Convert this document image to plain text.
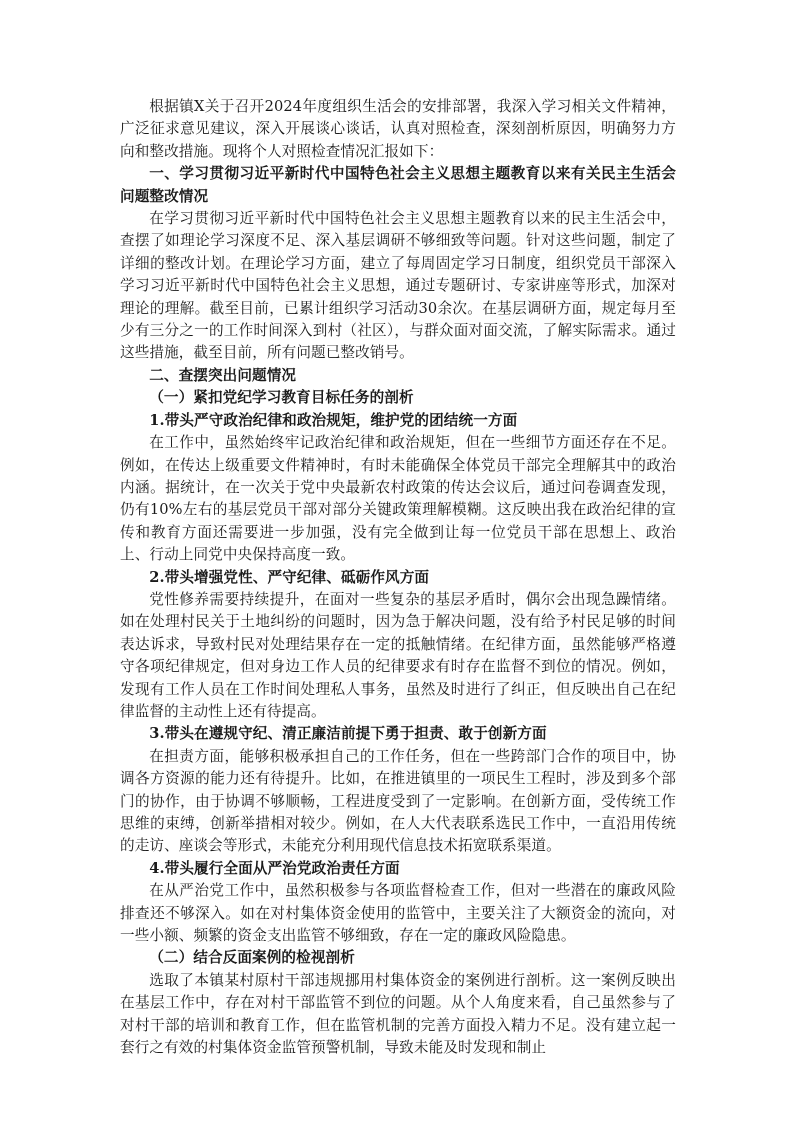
根据镇X关于召开2024年度组织生活会的安排部署，我深入学习相关文件精神，广泛征求意见建议，深入开展谈心谈话，认真对照检查，深刻剖析原因，明确努力方向和整改措施。现将个人对照检查情况汇报如下：

一、学习贯彻习近平新时代中国特色社会主义思想主题教育以来有关民主生活会问题整改情况

在学习贯彻习近平新时代中国特色社会主义思想主题教育以来的民主生活会中，查摆了如理论学习深度不足、深入基层调研不够细致等问题。针对这些问题，制定了详细的整改计划。在理论学习方面，建立了每周固定学习日制度，组织党员干部深入学习习近平新时代中国特色社会主义思想，通过专题研讨、专家讲座等形式，加深对理论的理解。截至目前，已累计组织学习活动30余次。在基层调研方面，规定每月至少有三分之一的工作时间深入到村（社区），与群众面对面交流，了解实际需求。通过这些措施，截至目前，所有问题已整改销号。

二、查摆突出问题情况

（一）紧扣党纪学习教育目标任务的剖析

1.带头严守政治纪律和政治规矩，维护党的团结统一方面

在工作中，虽然始终牢记政治纪律和政治规矩，但在一些细节方面还存在不足。例如，在传达上级重要文件精神时，有时未能确保全体党员干部完全理解其中的政治内涵。据统计，在一次关于党中央最新农村政策的传达会议后，通过问卷调查发现，仍有10%左右的基层党员干部对部分关键政策理解模糊。这反映出我在政治纪律的宣传和教育方面还需要进一步加强，没有完全做到让每一位党员干部在思想上、政治上、行动上同党中央保持高度一致。

2.带头增强党性、严守纪律、砥砺作风方面

党性修养需要持续提升，在面对一些复杂的基层矛盾时，偶尔会出现急躁情绪。如在处理村民关于土地纠纷的问题时，因为急于解决问题，没有给予村民足够的时间表达诉求，导致村民对处理结果存在一定的抵触情绪。在纪律方面，虽然能够严格遵守各项纪律规定，但对身边工作人员的纪律要求有时存在监督不到位的情况。例如，发现有工作人员在工作时间处理私人事务，虽然及时进行了纠正，但反映出自己在纪律监督的主动性上还有待提高。

3.带头在遵规守纪、清正廉洁前提下勇于担责、敢于创新方面

在担责方面，能够积极承担自己的工作任务，但在一些跨部门合作的项目中，协调各方资源的能力还有待提升。比如，在推进镇里的一项民生工程时，涉及到多个部门的协作，由于协调不够顺畅，工程进度受到了一定影响。在创新方面，受传统工作思维的束缚，创新举措相对较少。例如，在人大代表联系选民工作中，一直沿用传统的走访、座谈会等形式，未能充分利用现代信息技术拓宽联系渠道。

4.带头履行全面从严治党政治责任方面

在从严治党工作中，虽然积极参与各项监督检查工作，但对一些潜在的廉政风险排查还不够深入。如在对村集体资金使用的监管中，主要关注了大额资金的流向，对一些小额、频繁的资金支出监管不够细致，存在一定的廉政风险隐患。

（二）结合反面案例的检视剖析

选取了本镇某村原村干部违规挪用村集体资金的案例进行剖析。这一案例反映出在基层工作中，存在对村干部监管不到位的问题。从个人角度来看，自己虽然参与了对村干部的培训和教育工作，但在监管机制的完善方面投入精力不足。没有建立起一套行之有效的村集体资金监管预警机制，导致未能及时发现和制止
